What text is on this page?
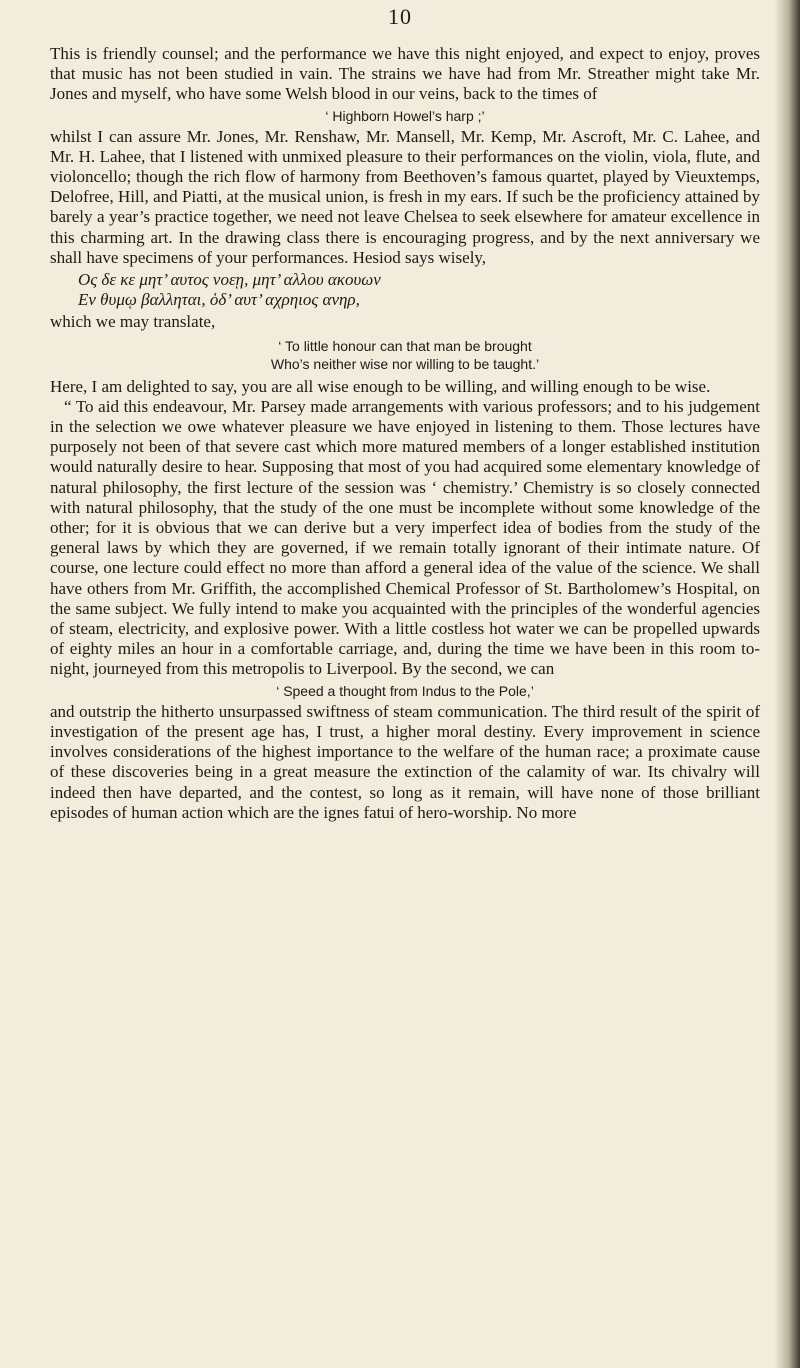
10

This is friendly counsel; and the performance we have this night enjoyed, and expect to enjoy, proves that music has not been studied in vain. The strains we have had from Mr. Streather might take Mr. Jones and myself, who have some Welsh blood in our veins, back to the times of

‘ Highborn Howel’s harp ;’

whilst I can assure Mr. Jones, Mr. Renshaw, Mr. Mansell, Mr. Kemp, Mr. Ascroft, Mr. C. Lahee, and Mr. H. Lahee, that I listened with unmixed pleasure to their performances on the violin, viola, flute, and violoncello; though the rich flow of harmony from Beethoven’s famous quartet, played by Vieuxtemps, Delofree, Hill, and Piatti, at the musical union, is fresh in my ears. If such be the proficiency attained by barely a year’s practice together, we need not leave Chelsea to seek elsewhere for amateur excellence in this charming art. In the drawing class there is encouraging progress, and by the next anniversary we shall have specimens of your performances. Hesiod says wisely,

Ος δε κε μητ’ αυτος νοεῃ, μητ’ αλλου ακουων
Εν θυμῳ βαλληται, ὁδ’ αυτ’ αχρηιος ανηρ,

which we may translate,

‘ To little honour can that man be brought
Who’s neither wise nor willing to be taught.’

Here, I am delighted to say, you are all wise enough to be willing, and willing enough to be wise.

“ To aid this endeavour, Mr. Parsey made arrangements with various professors; and to his judgement in the selection we owe whatever pleasure we have enjoyed in listening to them. Those lectures have purposely not been of that severe cast which more matured members of a longer established institution would naturally desire to hear. Supposing that most of you had acquired some elementary knowledge of natural philosophy, the first lecture of the session was ‘ chemistry.’ Chemistry is so closely connected with natural philosophy, that the study of the one must be incomplete without some knowledge of the other; for it is obvious that we can derive but a very imperfect idea of bodies from the study of the general laws by which they are governed, if we remain totally ignorant of their intimate nature. Of course, one lecture could effect no more than afford a general idea of the value of the science. We shall have others from Mr. Griffith, the accomplished Chemical Professor of St. Bartholomew’s Hospital, on the same subject. We fully intend to make you acquainted with the principles of the wonderful agencies of steam, electricity, and explosive power. With a little costless hot water we can be propelled upwards of eighty miles an hour in a comfortable carriage, and, during the time we have been in this room to-night, journeyed from this metropolis to Liverpool. By the second, we can

‘ Speed a thought from Indus to the Pole,’

and outstrip the hitherto unsurpassed swiftness of steam communication. The third result of the spirit of investigation of the present age has, I trust, a higher moral destiny. Every improvement in science involves considerations of the highest importance to the welfare of the human race; a proximate cause of these discoveries being in a great measure the extinction of the calamity of war. Its chivalry will indeed then have departed, and the contest, so long as it remain, will have none of those brilliant episodes of human action which are the ignes fatui of hero-worship. No more
